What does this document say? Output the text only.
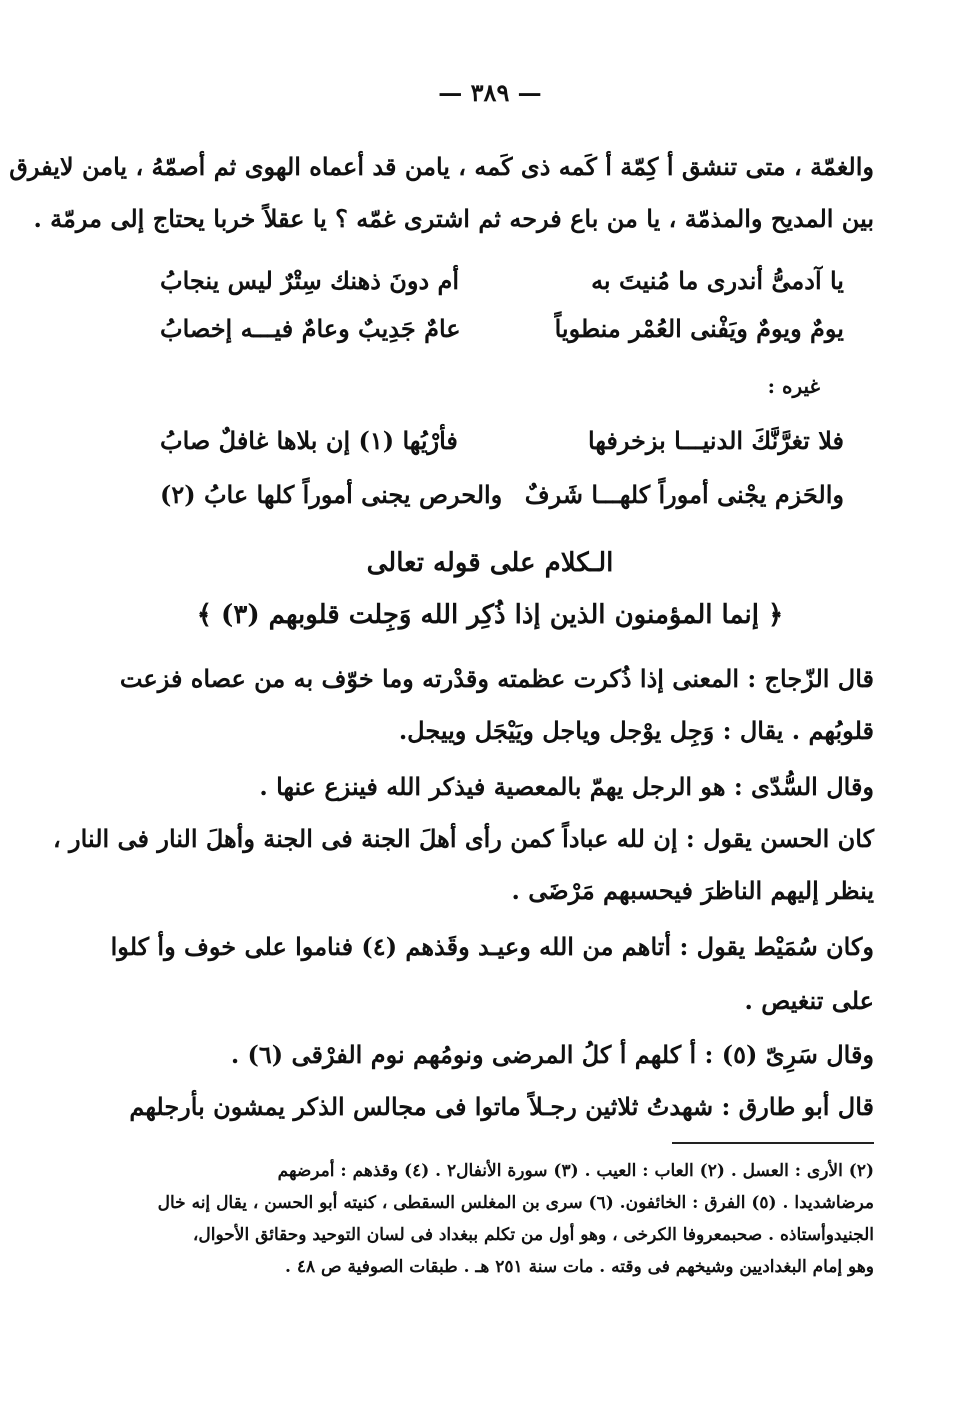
— ٣٨٩ —
والغمّة ، متى تنشق أ كِمّة أ كَمه ذى كَمه ، يامن قد أعماه الهوى ثم أصمّهُ ، يامن لايفرق
بين المديح والمذمّة ، يا من باع فرحه ثم اشترى غمّه ؟ يا عقلاً خربا يحتاج إلى مرمّة .
يا آدمىُّ أندرى ما مُنيتَ به
أم دونَ ذهنك سِتْرٌ ليس ينجابُ
يومٌ ويومٌ ويَفْنى العُمْر منطوياً
عامٌ جَدِيبٌ وعامٌ فيـــه إخصابُ
غيره :
فلا تغرَّنَّكَ الدنيـــا بزخرفها
فأرْيُها (١) إن بلاها غافلٌ صابُ
والحَزم يجْنى أموراً كلهـــا شَرفٌ
والحرص يجنى أموراً كلها عابُ (٢)
الـكلام على قوله تعالى
﴿ إنما المؤمنون الذين إذا ذُكِر الله وَجِلت قلوبهم (٣) ﴾
قال الزّجاج : المعنى إذا ذُكرت عظمته وقدْرته وما خوّف به من عصاه فزعت
قلوبُهم . يقال : وَجِل يوْجل وياجل ويَيْجَل وييجل.
وقال السُّدّى : هو الرجل يهمّ بالمعصية فيذكر الله فينزع عنها .
كان الحسن يقول : إن لله عباداً كمن رأى أهلَ الجنة فى الجنة وأهلَ النار فى النار ،
ينظر إليهم الناظرَ فيحسبهم مَرْضَى .
وكان سُمَيْط يقول : أتاهم من الله وعيـد وقَذهم (٤) فناموا على خوف وأ كلوا
على تنغيص .
وقال سَرِىّ (٥) : أ كلهم أ كلُ المرضى ونومُهم نوم الفرْقى (٦) .
قال أبو طارق : شهدتُ ثلاثين رجـلاً ماتوا فى مجالس الذكر يمشون بأرجلهم
(٢) الأرى : العسل . (٢) العاب : العيب . (٣) سورة الأنفال٢ . (٤) وقذهم : أمرضهم
مرضاشديدا . (٥) الفرق : الخائفون. (٦) سرى بن المغلس السقطى ، كنيته أبو الحسن ، يقال إنه خال
الجنيدوأستاذه . صحبمعروفا الكرخى ، وهو أول من تكلم ببغداد فى لسان التوحيد وحقائق الأحوال،
وهو إمام البغداديين وشيخهم فى وقته . مات سنة ٢٥١ هـ . طبقات الصوفية ص ٤٨ .
